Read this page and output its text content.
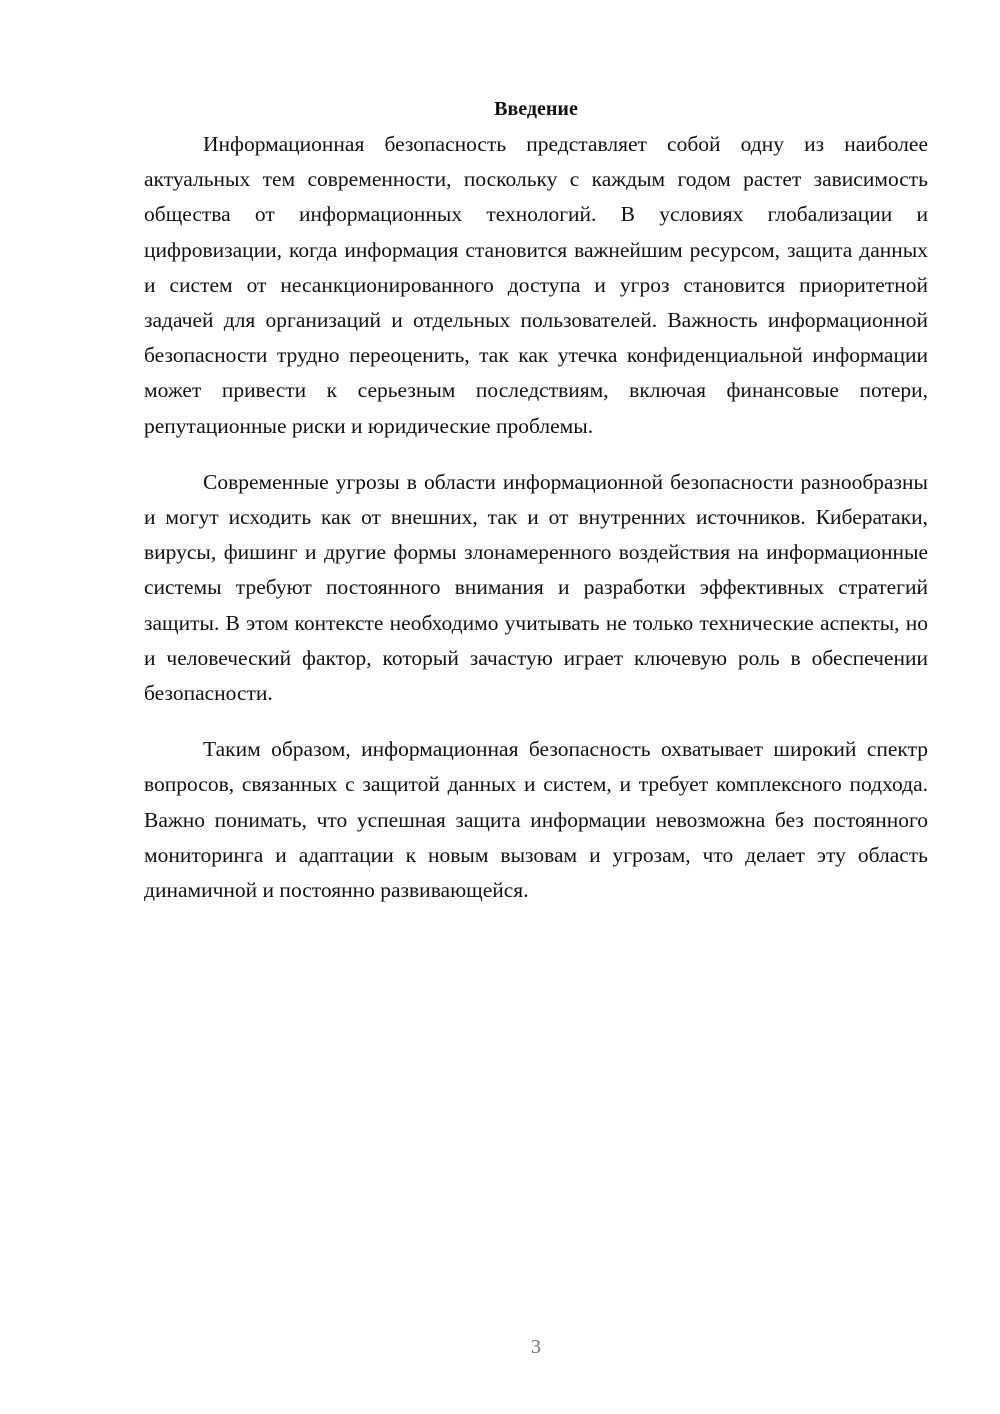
Введение

Информационная безопасность представляет собой одну из наиболее актуальных тем современности, поскольку с каждым годом растет зависимость общества от информационных технологий. В условиях глобализации и цифровизации, когда информация становится важнейшим ресурсом, защита данных и систем от несанкционированного доступа и угроз становится приоритетной задачей для организаций и отдельных пользователей. Важность информационной безопасности трудно переоценить, так как утечка конфиденциальной информации может привести к серьезным последствиям, включая финансовые потери, репутационные риски и юридические проблемы.

Современные угрозы в области информационной безопасности разнообразны и могут исходить как от внешних, так и от внутренних источников. Кибератаки, вирусы, фишинг и другие формы злонамеренного воздействия на информационные системы требуют постоянного внимания и разработки эффективных стратегий защиты. В этом контексте необходимо учитывать не только технические аспекты, но и человеческий фактор, который зачастую играет ключевую роль в обеспечении безопасности.

Таким образом, информационная безопасность охватывает широкий спектр вопросов, связанных с защитой данных и систем, и требует комплексного подхода. Важно понимать, что успешная защита информации невозможна без постоянного мониторинга и адаптации к новым вызовам и угрозам, что делает эту область динамичной и постоянно развивающейся.

3
